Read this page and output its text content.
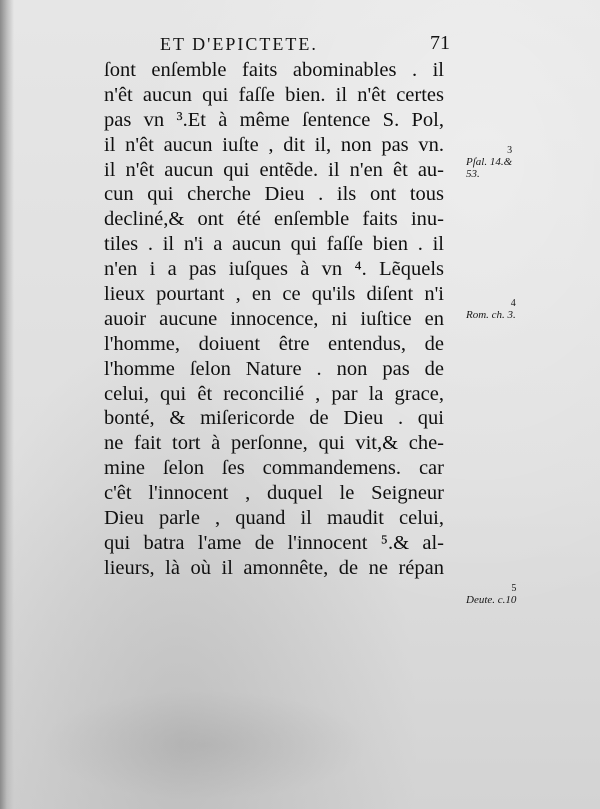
ET D'EPICTETE.	71
ſont enſemble faits abominables . il
n'êt aucun qui faſſe bien. il n'êt certes
pas vn ³.Et à même ſentence S. Pol,
il n'êt aucun iuſte , dit il, non pas vn.
il n'êt aucun qui entẽde. il n'en êt au-
cun qui cherche Dieu . ils ont tous
decliné,& ont été enſemble faits inu-
tiles . il n'i a aucun qui faſſe bien . il
n'en i a pas iuſques à vn ⁴. Lẽquels
lieux pourtant , en ce qu'ils diſent n'i
auoir aucune innocence, ni iuſtice en
l'homme, doiuent être entendus, de
l'homme ſelon Nature . non pas de
celui, qui êt reconcilié , par la grace,
bonté, & miſericorde de Dieu . qui
ne fait tort à perſonne, qui vit,& che-
mine ſelon ſes commandemens. car
c'êt l'innocent , duquel le Seigneur
Dieu parle , quand il maudit celui,
qui batra l'ame de l'innocent ⁵.& al-
lieurs, là où il amonnête, de ne répan
3
Pſal. 14.&
53.
4
Rom. ch. 3.
5
Deute. c.10
